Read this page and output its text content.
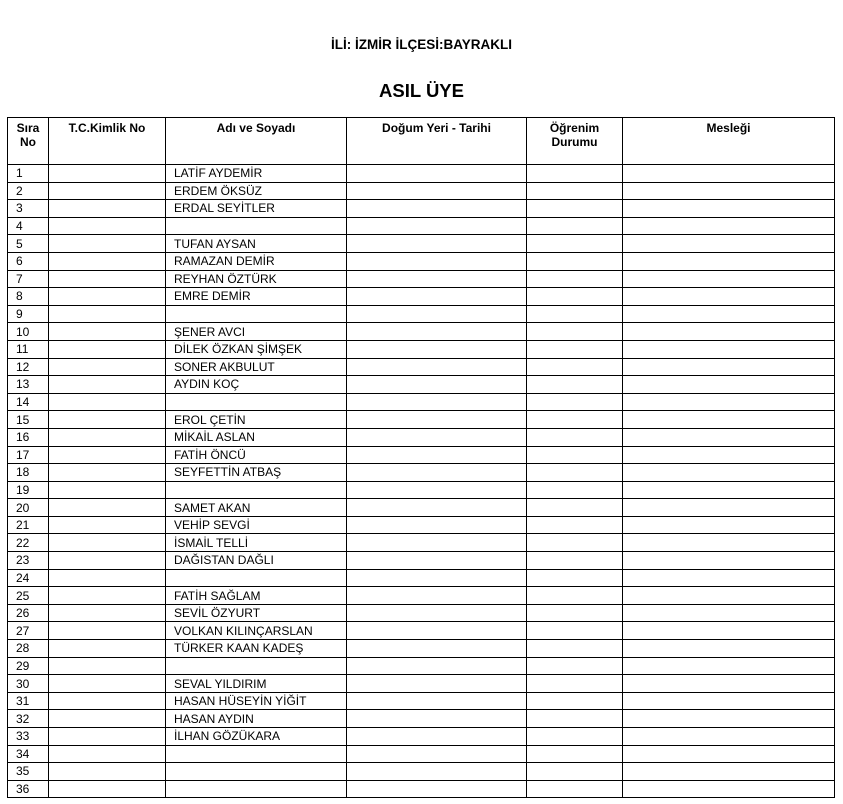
İLİ: İZMİR İLÇESİ:BAYRAKLI
ASIL ÜYE
Sıra No	T.C.Kimlik No	Adı ve Soyadı	Doğum Yeri - Tarihi	Öğrenim Durumu	Mesleği
1		LATİF AYDEMİR			
2		ERDEM ÖKSÜZ			
3		ERDAL SEYİTLER			
4					
5		TUFAN AYSAN			
6		RAMAZAN DEMİR			
7		REYHAN ÖZTÜRK			
8		EMRE DEMİR			
9					
10		ŞENER AVCI			
11		DİLEK ÖZKAN ŞİMŞEK			
12		SONER AKBULUT			
13		AYDIN KOÇ			
14					
15		EROL ÇETİN			
16		MİKAİL ASLAN			
17		FATİH ÖNCÜ			
18		SEYFETTİN ATBAŞ			
19					
20		SAMET AKAN			
21		VEHİP SEVGİ			
22		İSMAİL TELLİ			
23		DAĞISTAN DAĞLI			
24					
25		FATİH SAĞLAM			
26		SEVİL ÖZYURT			
27		VOLKAN KILINÇARSLAN			
28		TÜRKER KAAN KADEŞ			
29					
30		SEVAL YILDIRIM			
31		HASAN HÜSEYİN YİĞİT			
32		HASAN AYDIN			
33		İLHAN GÖZÜKARA			
34					
35					
36					
